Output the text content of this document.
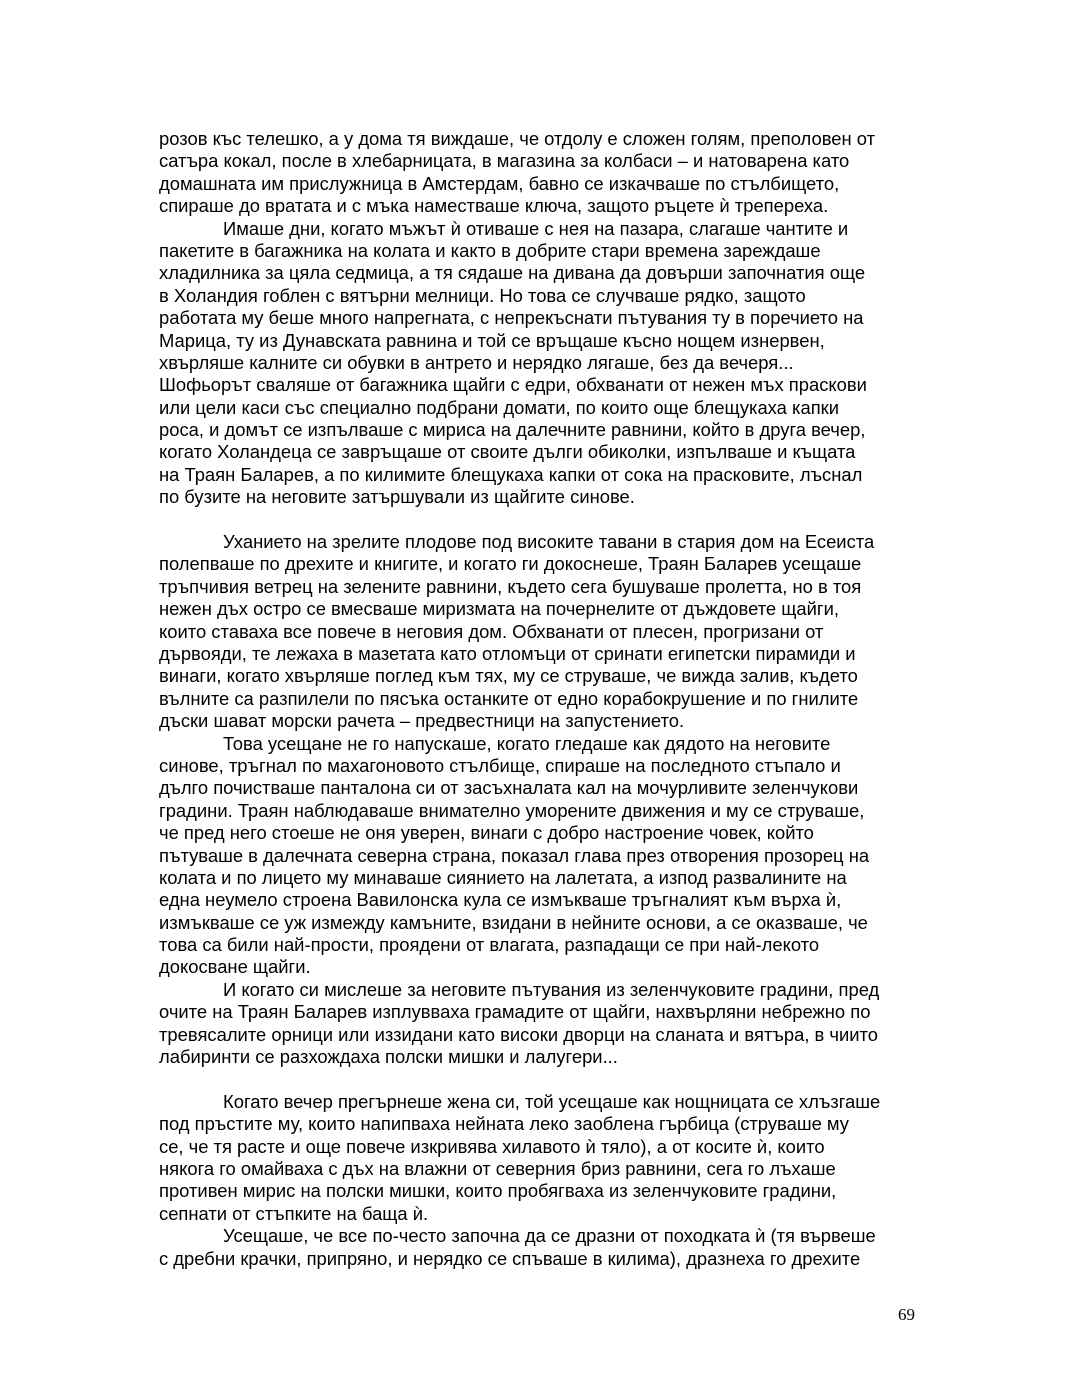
розов къс телешко, а у дома тя виждаше, че отдолу е сложен голям, преполовен от
сатъра кокал, после в хлебарницата, в магазина за колбаси – и натоварена като
домашната им прислужница в Амстердам, бавно се изкачваше по стълбището,
спираше до вратата и с мъка наместваше ключа, защото ръцете ѝ трепереха.
Имаше дни, когато мъжът ѝ отиваше с нея на пазара, слагаше чантите и
пакетите в багажника на колата и както в добрите стари времена зареждаше
хладилника за цяла седмица, а тя сядаше на дивана да довърши започнатия още
в Холандия гоблен с вятърни мелници. Но това се случваше рядко, защото
работата му беше много напрегната, с непрекъснати пътувания ту в поречието на
Марица, ту из Дунавската равнина и той се връщаше късно нощем изнервен,
хвърляше калните си обувки в антрето и нерядко лягаше, без да вечеря...
Шофьорът сваляше от багажника щайги с едри, обхванати от нежен мъх праскови
или цели каси със специално подбрани домати, по които още блещукаха капки
роса, и домът се изпълваше с мириса на далечните равнини, който в друга вечер,
когато Холандеца се завръщаше от своите дълги обиколки, изпълваше и къщата
на Траян Баларев, а по килимите блещукаха капки от сока на прасковите, лъснал
по бузите на неговите затършували из щайгите синове.
Уханието на зрелите плодове под високите тавани в стария дом на Есеиста
полепваше по дрехите и книгите, и когато ги докоснеше, Траян Баларев усещаше
тръпчивия ветрец на зелените равнини, където сега бушуваше пролетта, но в тоя
нежен дъх остро се вмесваше миризмата на почернелите от дъждовете щайги,
които ставаха все повече в неговия дом. Обхванати от плесен, прогризани от
дървояди, те лежаха в мазетата като отломъци от сринати египетски пирамиди и
винаги, когато хвърляше поглед към тях, му се струваше, че вижда залив, където
вълните са разпилели по пясъка останките от едно корабокрушение и по гнилите
дъски шават морски рачета – предвестници на запустението.
Това усещане не го напускаше, когато гледаше как дядото на неговите
синове, тръгнал по махагоновото стълбище, спираше на последното стъпало и
дълго почистваше панталона си от засъхналата кал на мочурливите зеленчукови
градини. Траян наблюдаваше внимателно уморените движения и му се струваше,
че пред него стоеше не оня уверен, винаги с добро настроение човек, който
пътуваше в далечната северна страна, показал глава през отворения прозорец на
колата и по лицето му минаваше сиянието на лалетата, а изпод развалините на
една неумело строена Вавилонска кула се измъкваше тръгналият към върха ѝ,
измъкваше се уж измежду камъните, взидани в нейните основи, а се оказваше, че
това са били най-прости, проядени от влагата, разпадащи се при най-лекото
докосване щайги.
И когато си мислеше за неговите пътувания из зеленчуковите градини, пред
очите на Траян Баларев изплувваха грамадите от щайги, нахвърляни небрежно по
тревясалите орници или иззидани като високи дворци на сланата и вятъра, в чиито
лабиринти се разхождаха полски мишки и лалугери...
Когато вечер прегърнеше жена си, той усещаше как нощницата се хлъзгаше
под пръстите му, които напипваха нейната леко заоблена гърбица (струваше му
се, че тя расте и още повече изкривява хилавото ѝ тяло), а от косите ѝ, които
някога го омайваха с дъх на влажни от северния бриз равнини, сега го лъхаше
противен мирис на полски мишки, които пробягваха из зеленчуковите градини,
сепнати от стъпките на баща ѝ.
Усещаше, че все по-често започна да се дразни от походката ѝ (тя вървеше
с дребни крачки, припряно, и нерядко се спъваше в килима), дразнеха го дрехите
69
